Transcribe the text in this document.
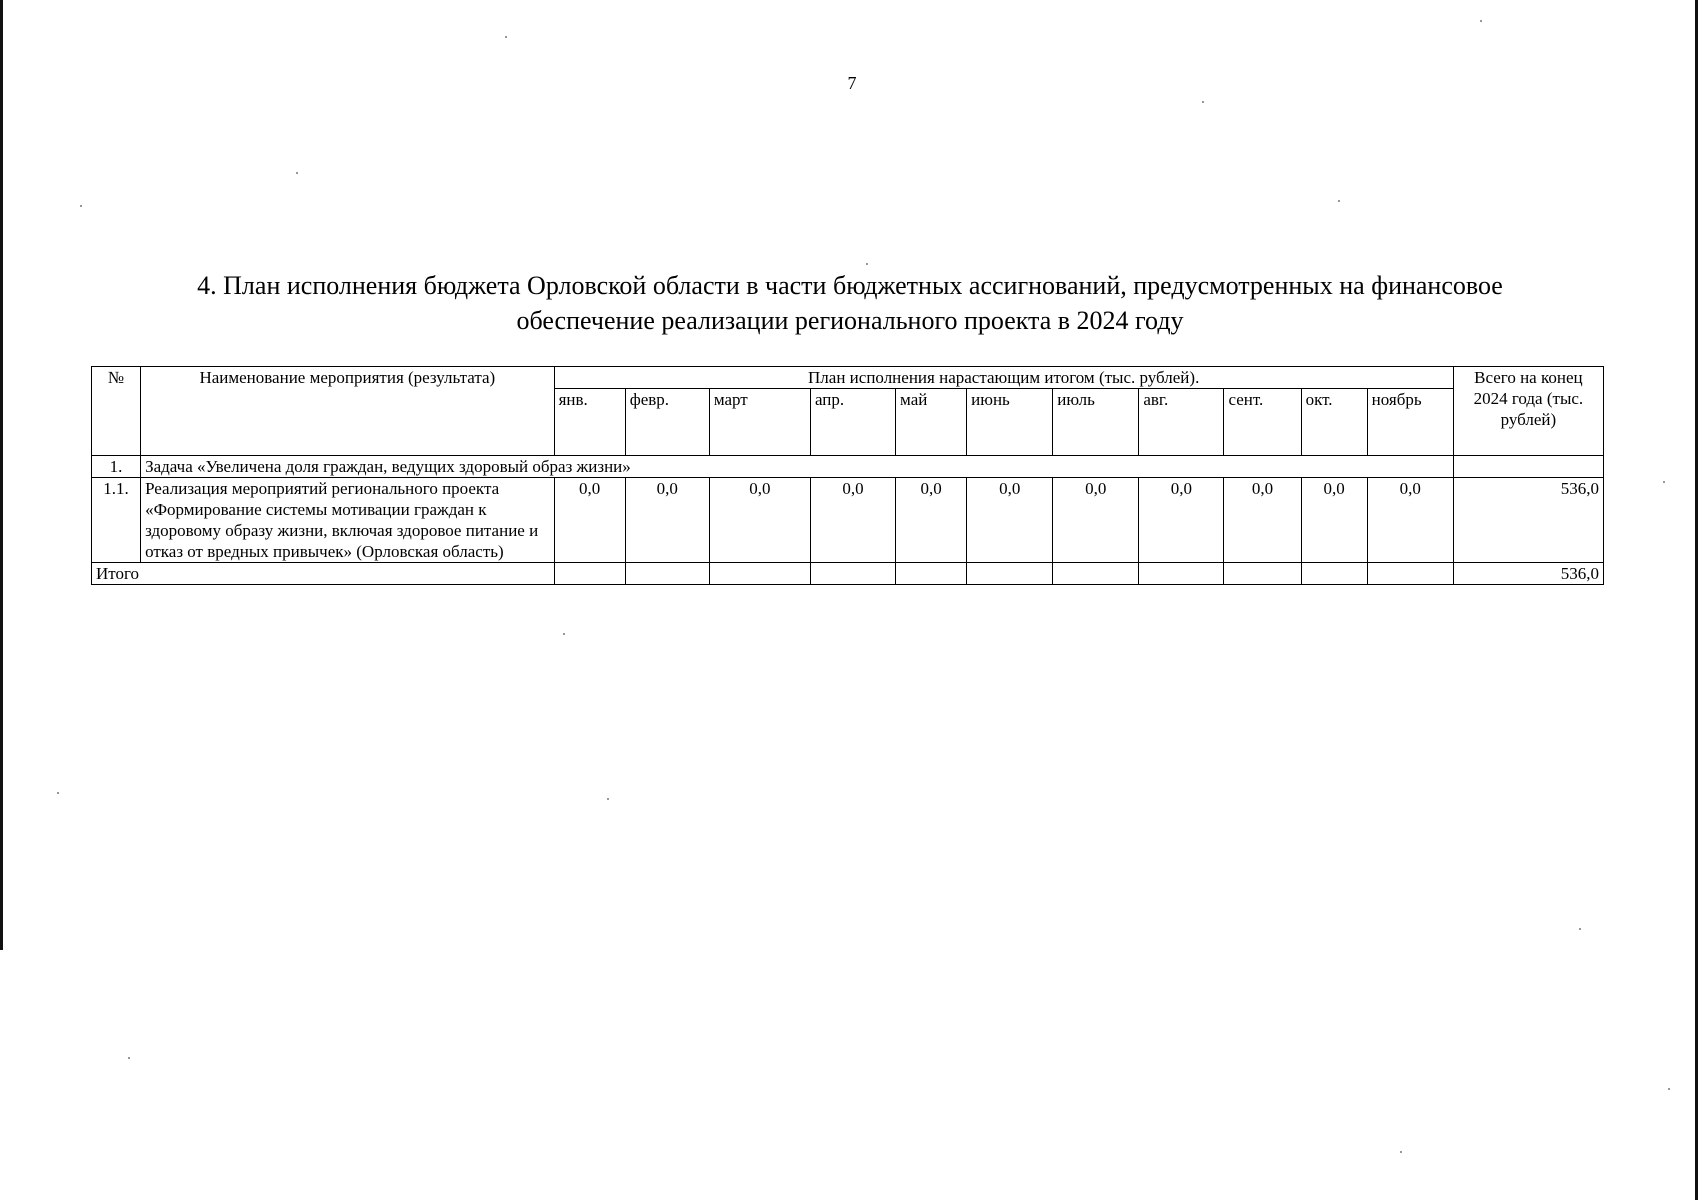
7
4. План исполнения бюджета Орловской области в части бюджетных ассигнований, предусмотренных на финансовое
обеспечение реализации регионального проекта в 2024 году
№	Наименование мероприятия (результата)	План исполнения нарастающим итогом (тыс. рублей).											Всего на конец 2024 года (тыс. рублей)
		янв.	февр.	март	апр.	май	июнь	июль	авг.	сент.	окт.	ноябрь	
1.	Задача «Увеличена доля граждан, ведущих здоровый образ жизни»												
1.1.	Реализация мероприятий регионального проекта «Формирование системы мотивации граждан к здоровому образу жизни, включая здоровое питание и отказ от вредных привычек» (Орловская область)	0,0	0,0	0,0	0,0	0,0	0,0	0,0	0,0	0,0	0,0	0,0	536,0
Итого													536,0
